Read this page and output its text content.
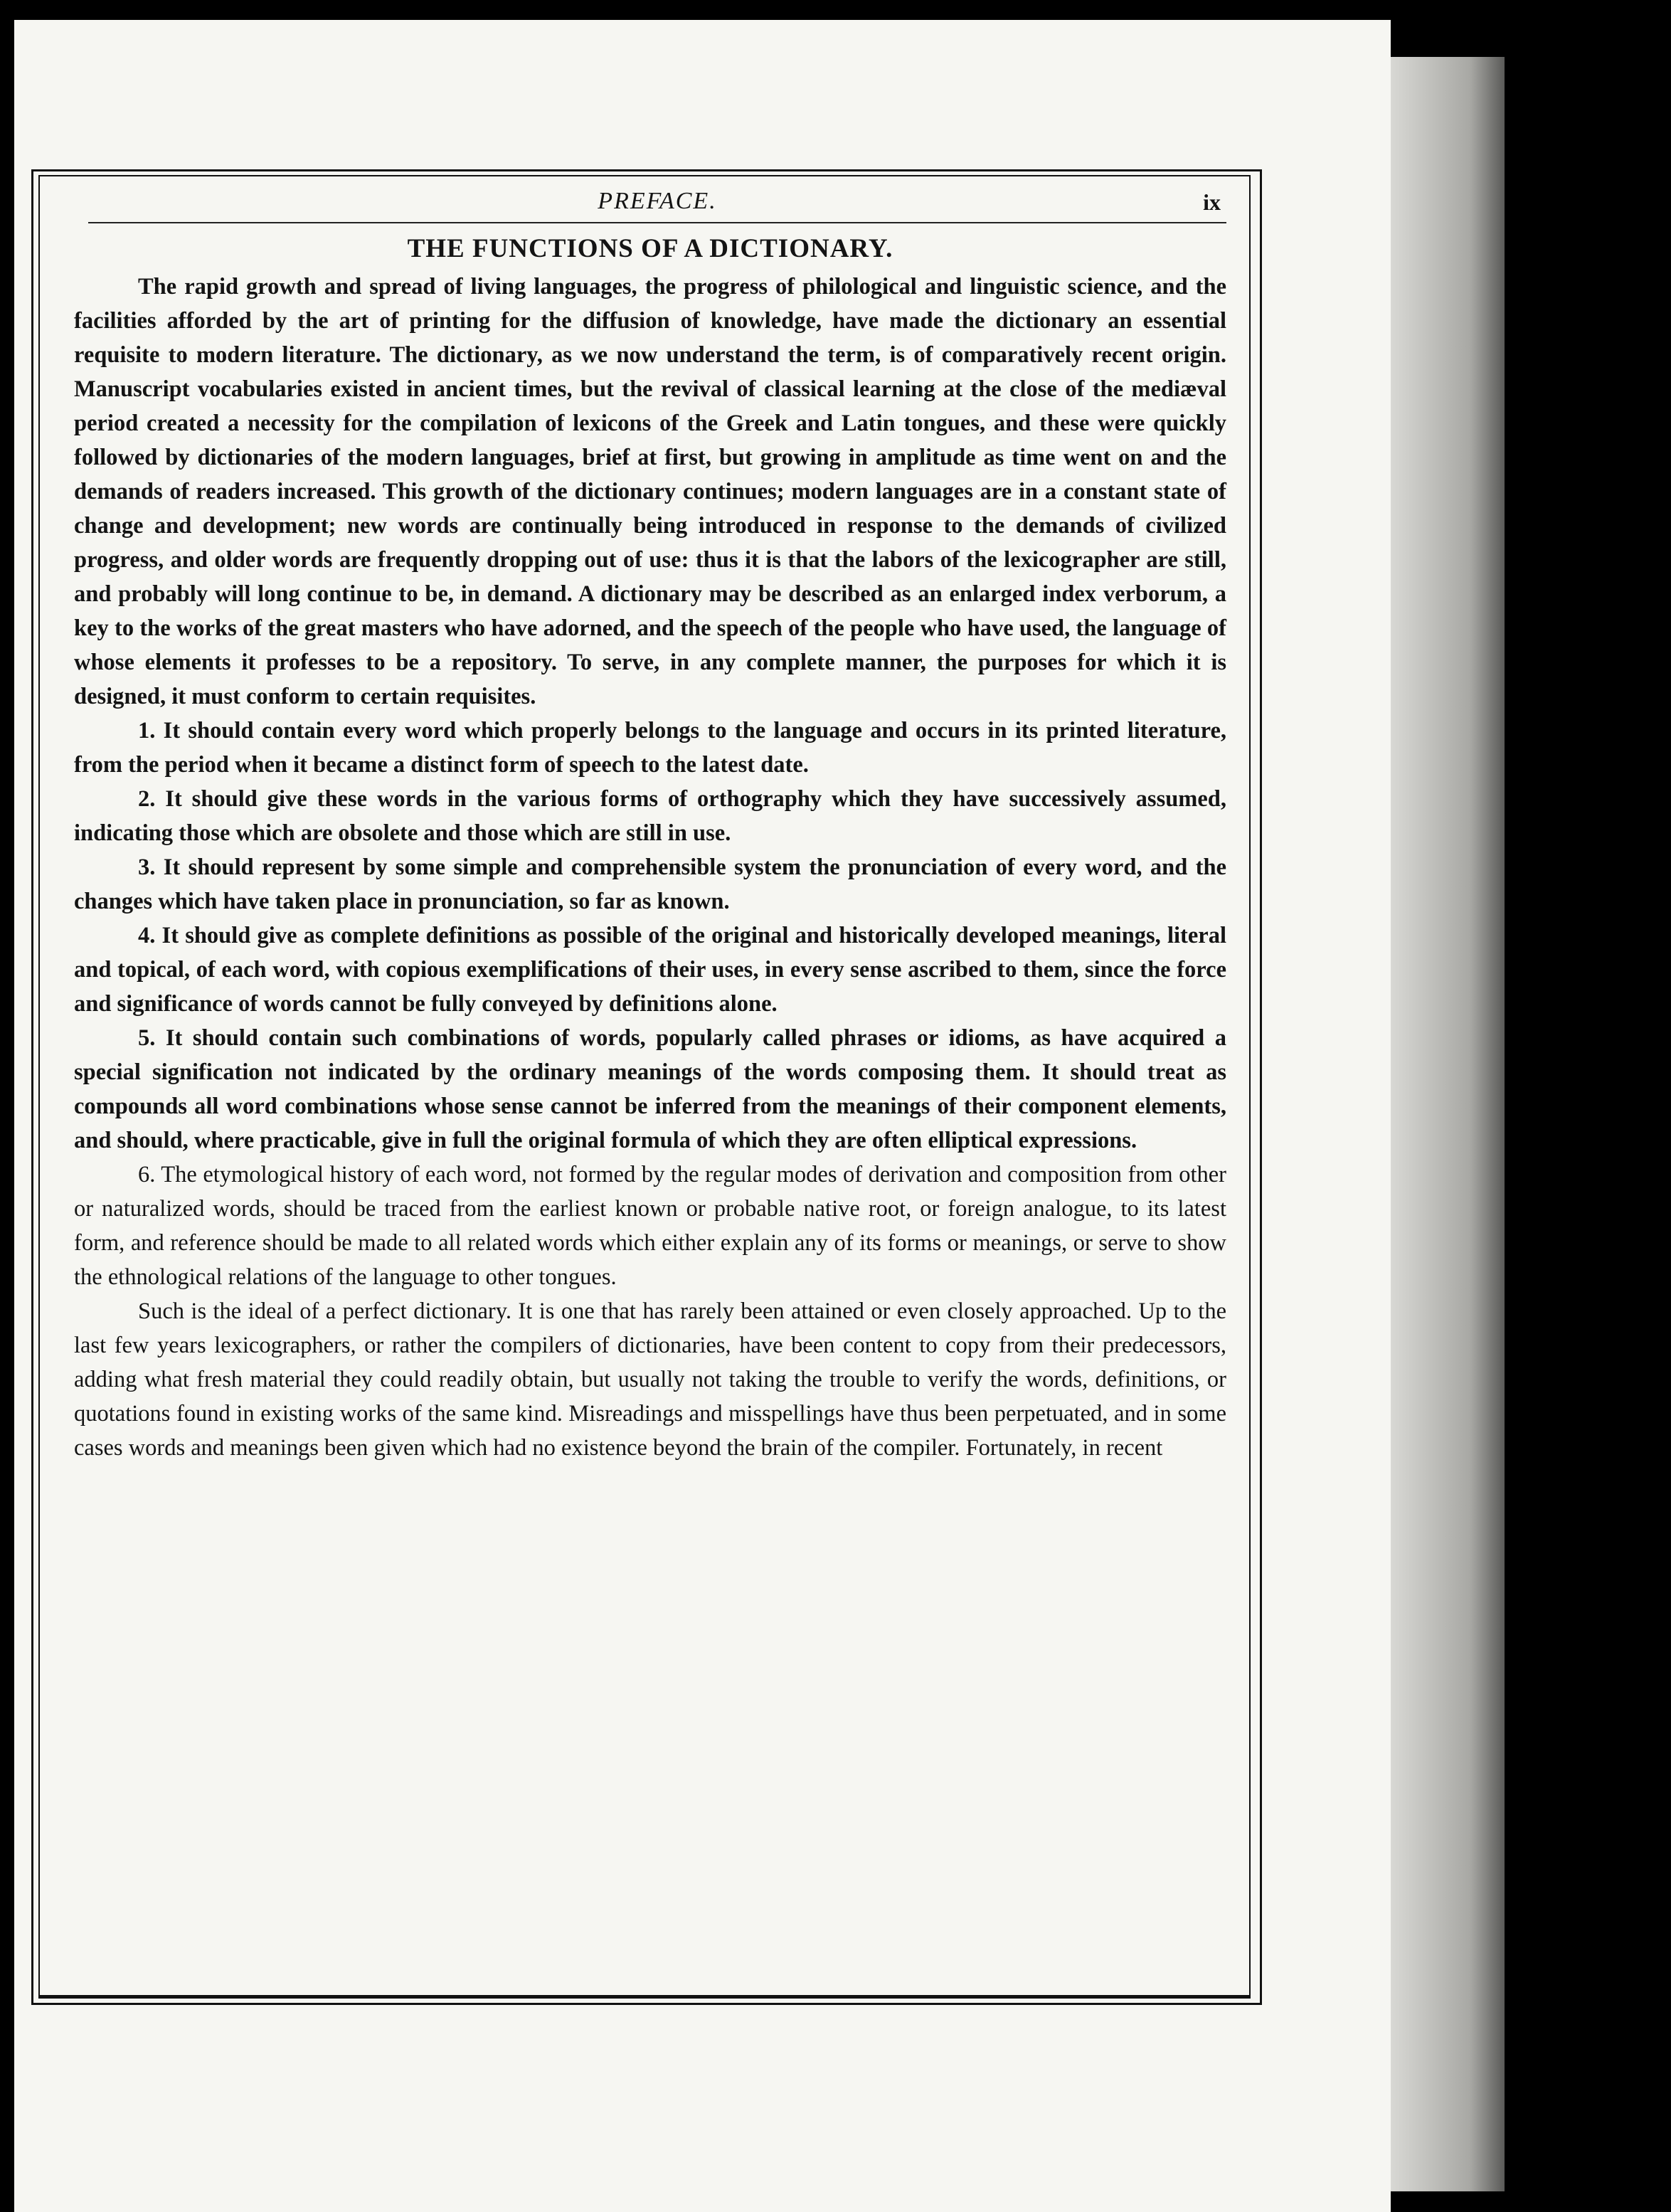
PREFACE.	ix
THE FUNCTIONS OF A DICTIONARY.

The rapid growth and spread of living languages, the progress of philological and linguistic science, and the facilities afforded by the art of printing for the diffusion of knowledge, have made the dictionary an essential requisite to modern literature. The dictionary, as we now understand the term, is of comparatively recent origin. Manuscript vocabularies existed in ancient times, but the revival of classical learning at the close of the mediæval period created a necessity for the compilation of lexicons of the Greek and Latin tongues, and these were quickly followed by dictionaries of the modern languages, brief at first, but growing in amplitude as time went on and the demands of readers increased. This growth of the dictionary continues; modern languages are in a constant state of change and development; new words are continually being introduced in response to the demands of civilized progress, and older words are frequently dropping out of use: thus it is that the labors of the lexicographer are still, and probably will long continue to be, in demand. A dictionary may be described as an enlarged index verborum, a key to the works of the great masters who have adorned, and the speech of the people who have used, the language of whose elements it professes to be a repository. To serve, in any complete manner, the purposes for which it is designed, it must conform to certain requisites.

1. It should contain every word which properly belongs to the language and occurs in its printed literature, from the period when it became a distinct form of speech to the latest date.

2. It should give these words in the various forms of orthography which they have successively assumed, indicating those which are obsolete and those which are still in use.

3. It should represent by some simple and comprehensible system the pronunciation of every word, and the changes which have taken place in pronunciation, so far as known.

4. It should give as complete definitions as possible of the original and historically developed meanings, literal and topical, of each word, with copious exemplifications of their uses, in every sense ascribed to them, since the force and significance of words cannot be fully conveyed by definitions alone.

5. It should contain such combinations of words, popularly called phrases or idioms, as have acquired a special signification not indicated by the ordinary meanings of the words composing them. It should treat as compounds all word combinations whose sense cannot be inferred from the meanings of their component elements, and should, where practicable, give in full the original formula of which they are often elliptical expressions.

6. The etymological history of each word, not formed by the regular modes of derivation and composition from other or naturalized words, should be traced from the earliest known or probable native root, or foreign analogue, to its latest form, and reference should be made to all related words which either explain any of its forms or meanings, or serve to show the ethnological relations of the language to other tongues.

Such is the ideal of a perfect dictionary. It is one that has rarely been attained or even closely approached. Up to the last few years lexicographers, or rather the compilers of dictionaries, have been content to copy from their predecessors, adding what fresh material they could readily obtain, but usually not taking the trouble to verify the words, definitions, or quotations found in existing works of the same kind. Misreadings and misspellings have thus been perpetuated, and in some cases words and meanings been given which had no existence beyond the brain of the compiler. Fortunately, in recent
